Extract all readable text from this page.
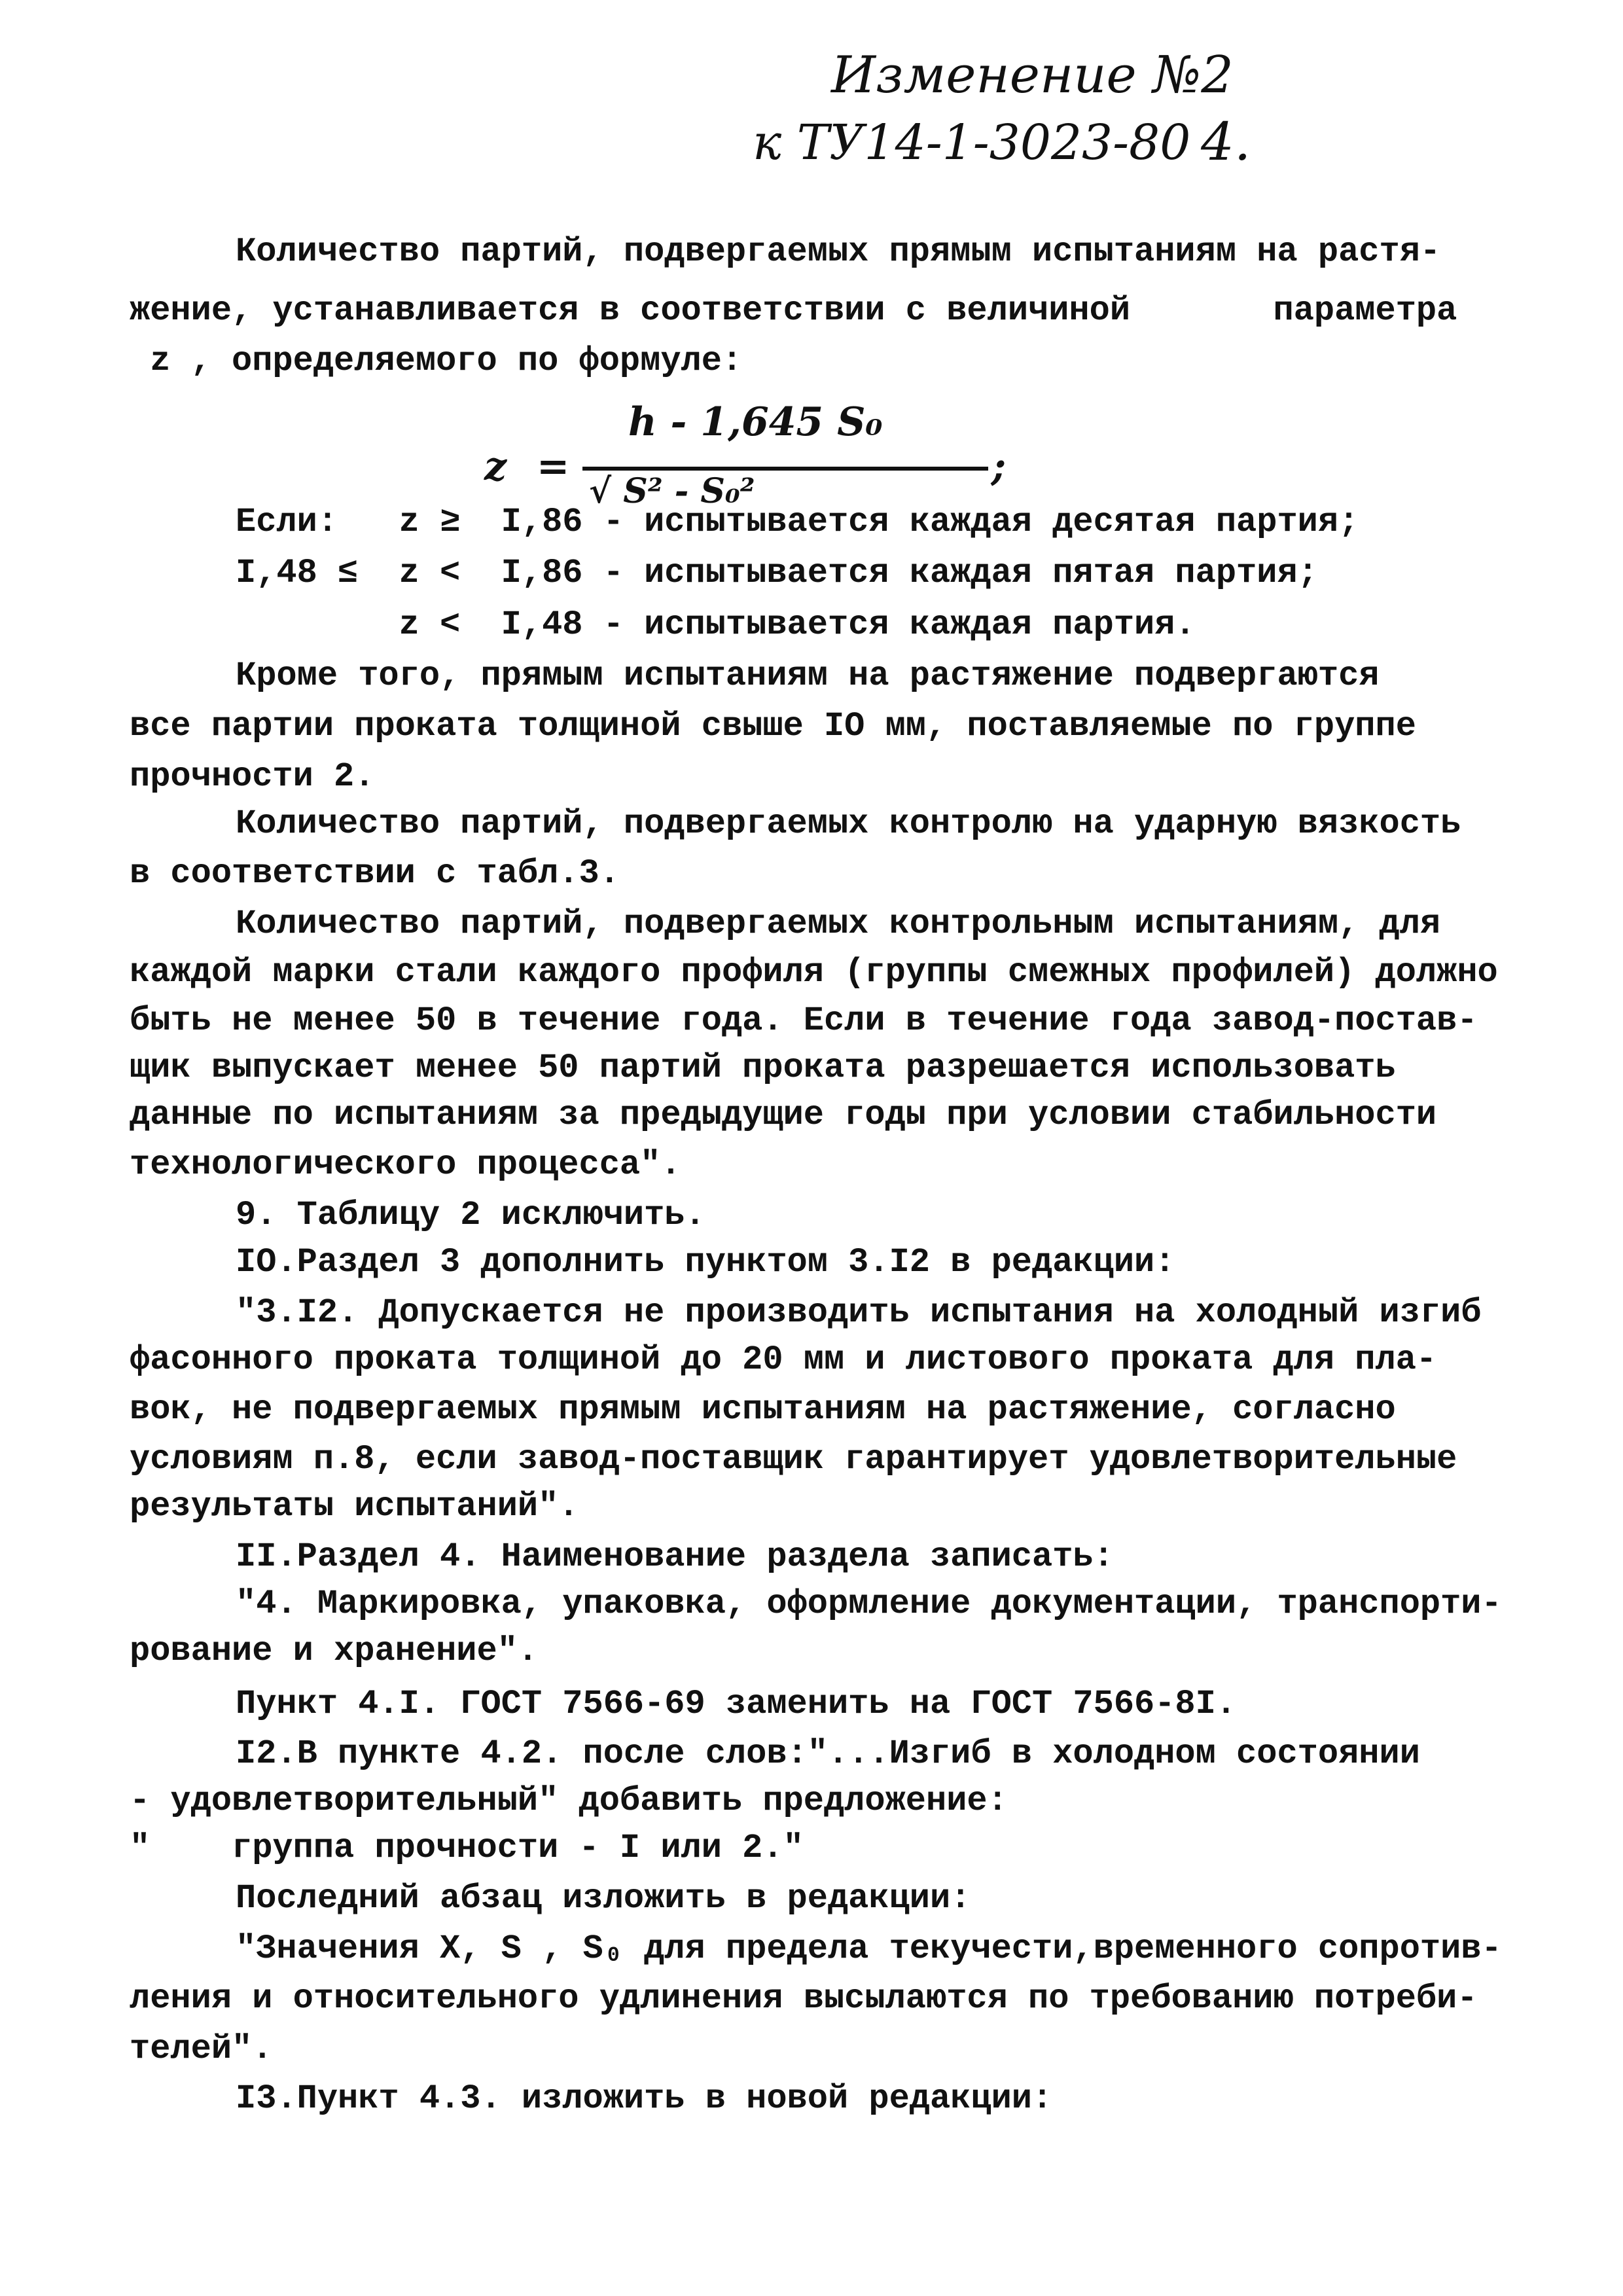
Изменение №2
к ТУ14-1-3023-80 4.
Количество партий, подвергаемых прямым испытаниям на растя-
жение, устанавливается в соответствии с величиной       параметра
z , определяемого по формуле:
z =
h - 1,645 S₀
;
√ S² - S₀²
Если:   z ≥  I,86 - испытывается каждая десятая партия;
I,48 ≤  z <  I,86 - испытывается каждая пятая партия;
z <  I,48 - испытывается каждая партия.
Кроме того, прямым испытаниям на растяжение подвергаются
все партии проката толщиной свыше IO мм, поставляемые по группе
прочности 2.
Количество партий, подвергаемых контролю на ударную вязкость
в соответствии с табл.3.
Количество партий, подвергаемых контрольным испытаниям, для
каждой марки стали каждого профиля (группы смежных профилей) должно
быть не менее 50 в течение года. Если в течение года завод-постав-
щик выпускает менее 50 партий проката разрешается использовать
данные по испытаниям за предыдущие годы при условии стабильности
технологического процесса".
9. Таблицу 2 исключить.
IO.Раздел 3 дополнить пунктом 3.I2 в редакции:
"3.I2. Допускается не производить испытания на холодный изгиб
фасонного проката толщиной до 20 мм и листового проката для пла-
вок, не подвергаемых прямым испытаниям на растяжение, согласно
условиям п.8, если завод-поставщик гарантирует удовлетворительные
результаты испытаний".
II.Раздел 4. Наименование раздела записать:
"4. Маркировка, упаковка, оформление документации, транспорти-
рование и хранение".
Пункт 4.I. ГОСТ 7566-69 заменить на ГОСТ 7566-8I.
I2.В пункте 4.2. после слов:"...Изгиб в холодном состоянии
- удовлетворительный" добавить предложение:
"    группа прочности - I или 2."
Последний абзац изложить в редакции:
"Значения X, S , S₀ для предела текучести,временного сопротив-
ления и относительного удлинения высылаются по требованию потреби-
телей".
I3.Пункт 4.3. изложить в новой редакции:
